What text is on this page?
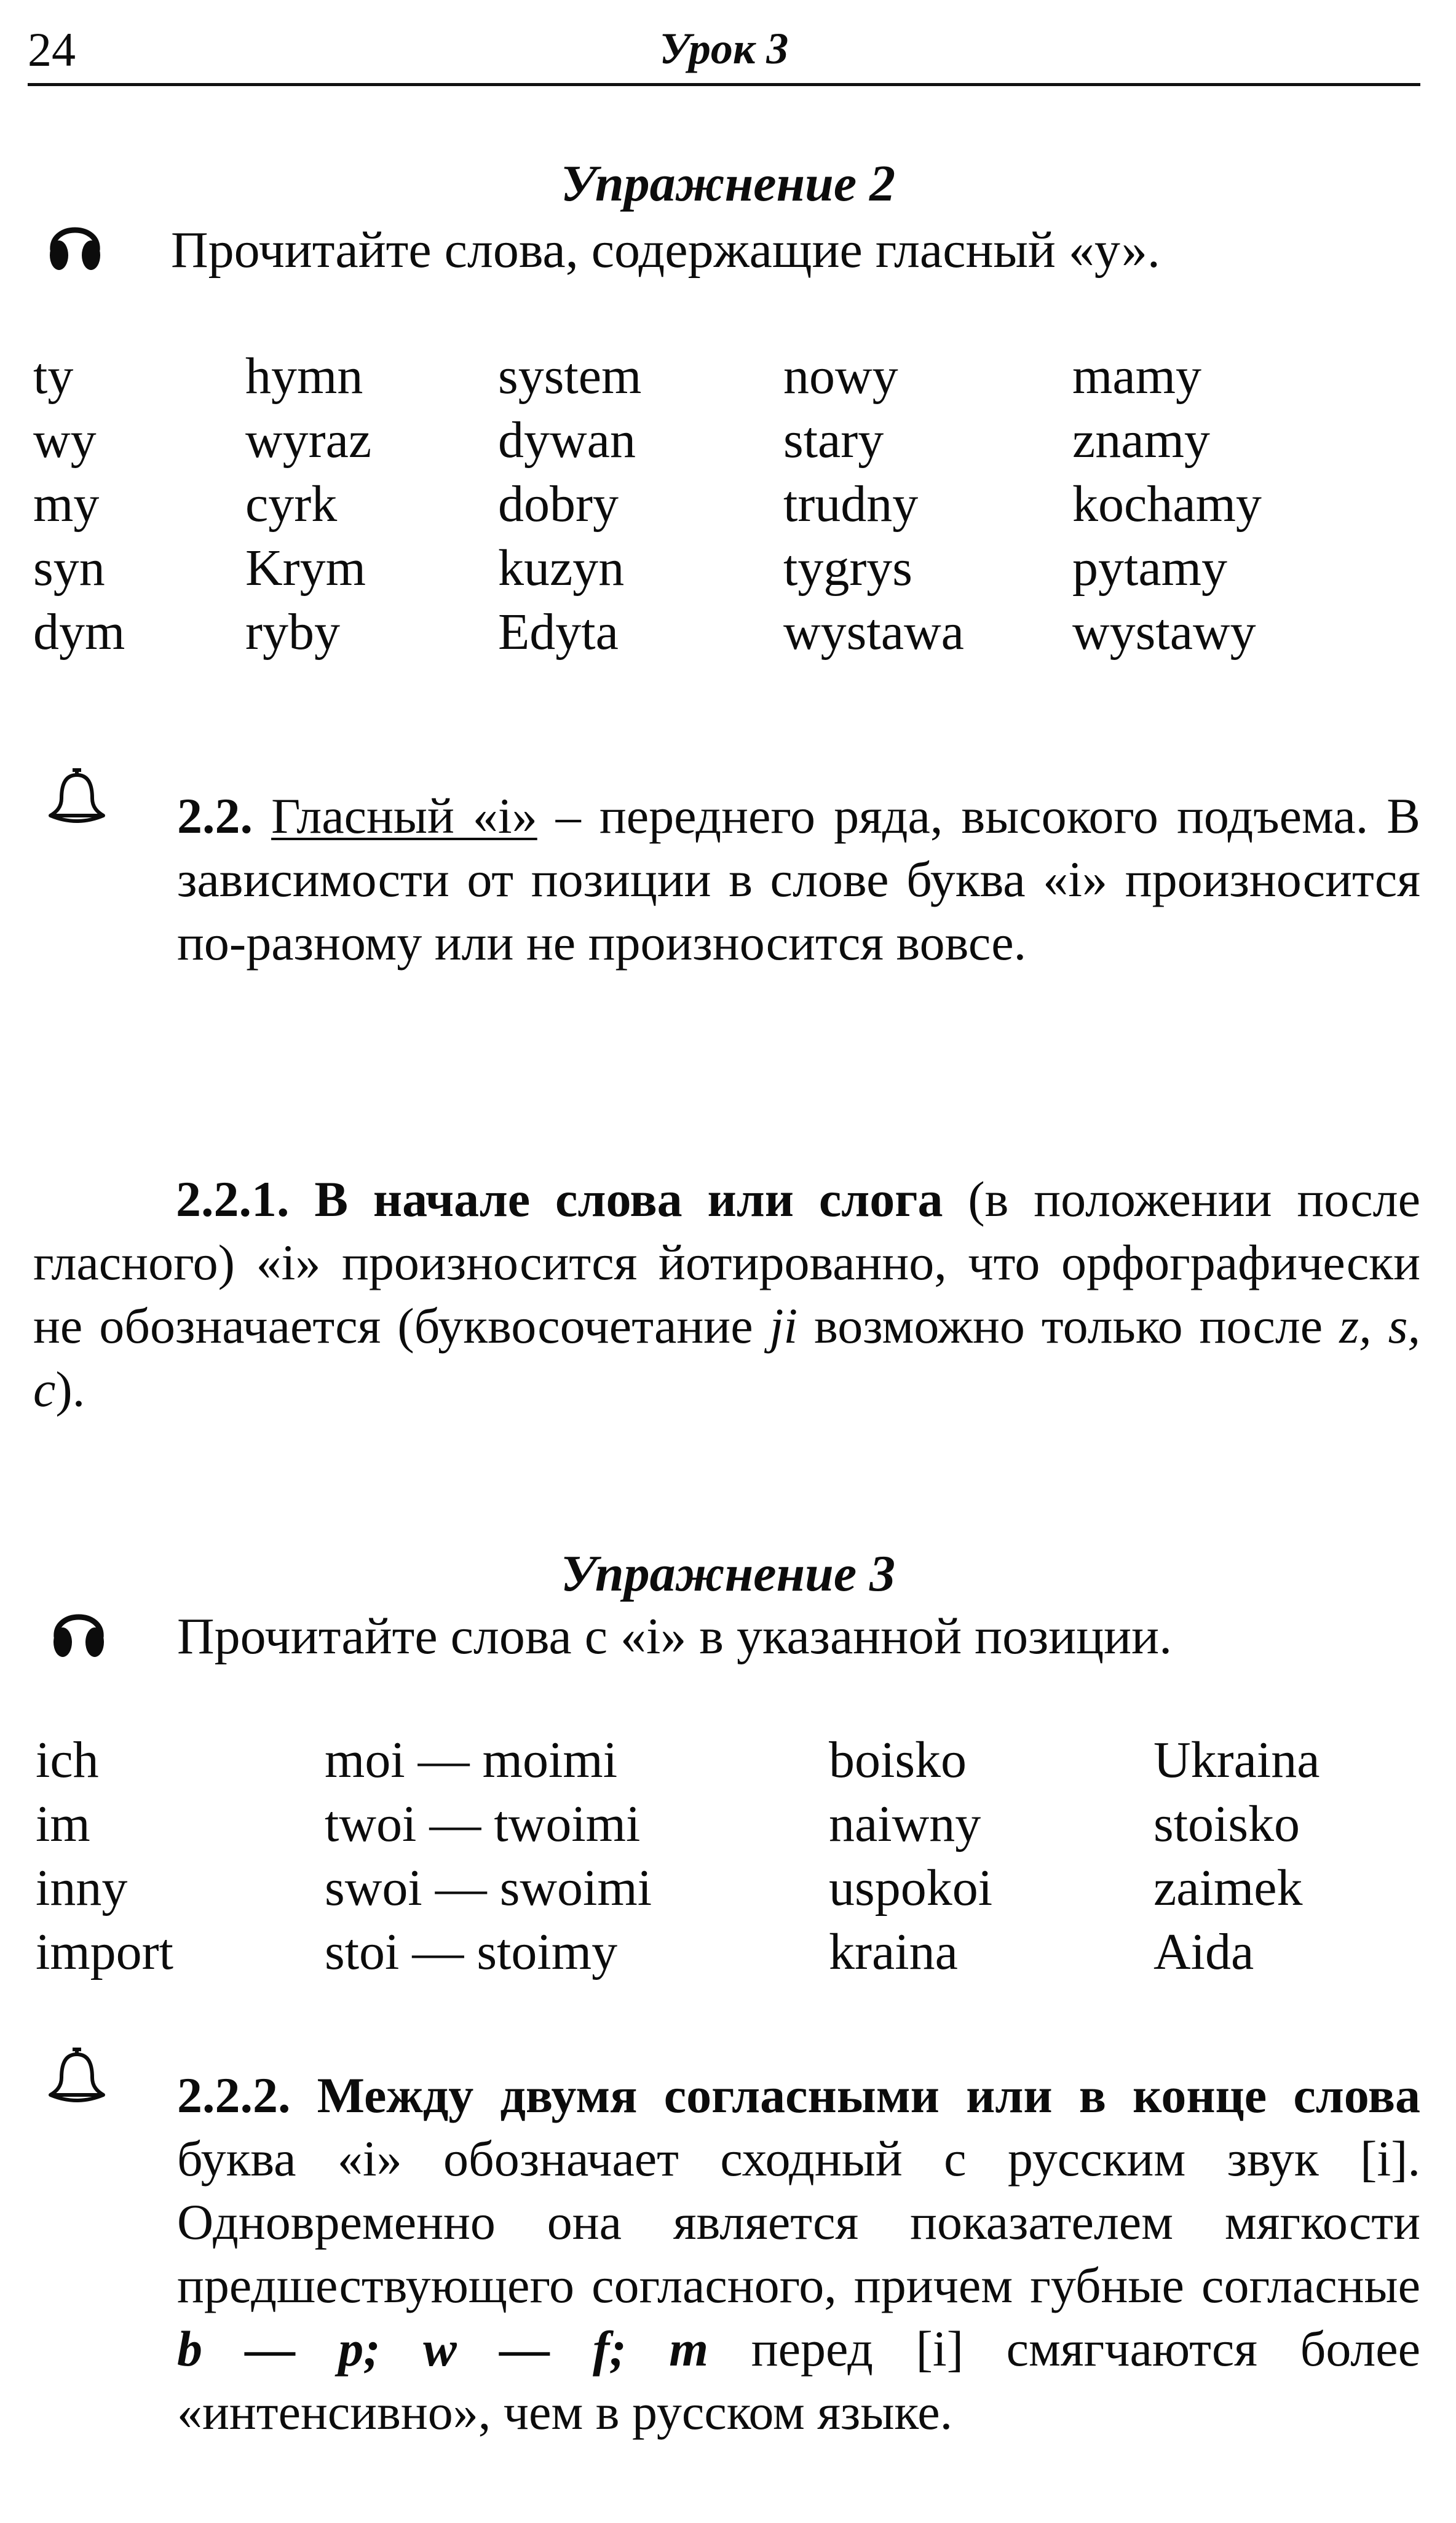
24	Урок 3
Упражнение 2
Прочитайте слова, содержащие гласный «у».
ty
wy
my
syn
dym
hymn
wyraz
cyrk
Krym
ryby
system
dywan
dobry
kuzyn
Edyta
nowy
stary
trudny
tygrys
wystawa
mamy
znamy
kochamy
pytamy
wystawy
2.2. Гласный «і» – переднего ряда, высокого подъема. В зависимости от позиции в слове буква «і» произносится по-разному или не произносится вовсе.
2.2.1. В начале слова или слога (в положении после гласного) «і» произносится йотированно, что орфографически не обозначается (буквосочетание ji возможно только после z, s, c).
Упражнение 3
Прочитайте слова с «і» в указанной позиции.
ich
im
inny
import
moi — moimi
twoi — twoimi
swoi — swoimi
stoi — stoimy
boisko
naiwny
uspokoi
kraina
Ukraina
stoisko
zaimek
Aida
2.2.2. Между двумя согласными или в конце слова буква «і» обозначает сходный с русским звук [i]. Одновременно она является показателем мягкости предшествующего согласного, причем губные согласные b — p; w — f; m перед [i] смягчаются более «интенсивно», чем в русском языке.
